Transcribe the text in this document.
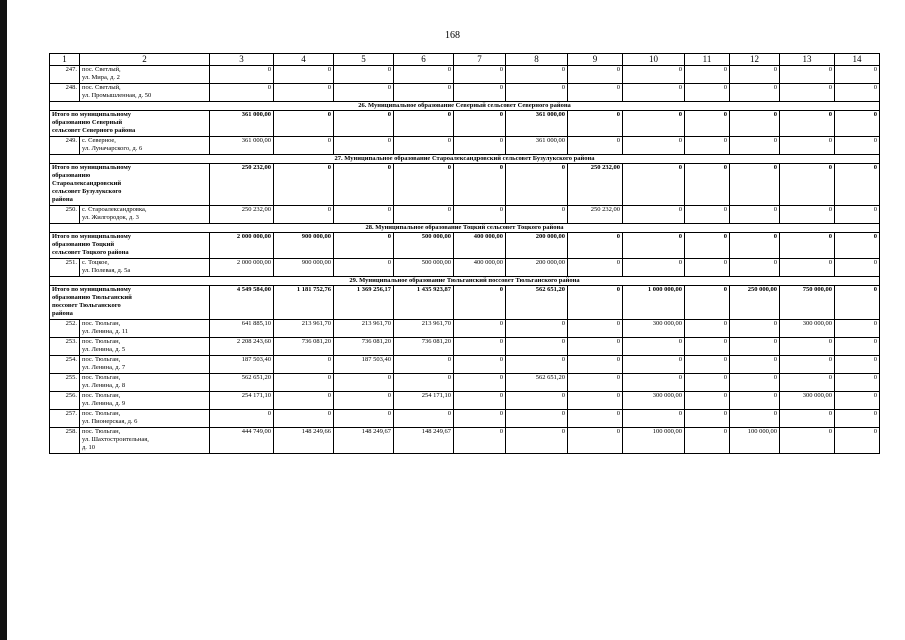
168
1	2	3	4	5	6	7	8	9	10	11	12	13	14
247.	пос. Светлый,
ул. Мира, д. 2	0	0	0	0	0	0	0	0	0	0	0	0
248.	пос. Светлый,
ул. Промышленная, д. 50	0	0	0	0	0	0	0	0	0	0	0	0
26. Муниципальное образование Северный сельсовет Северного района													

Итого по муниципальному
образованию Северный
сельсовет Северного района		361 000,00	0	0	0	0	361 000,00	0	0	0	0	0	0
249.	с. Северное,
ул. Луначарского, д. 6	361 000,00	0	0	0	0	361 000,00	0	0	0	0	0	0
27. Муниципальное образование Староалександровский сельсовет Бузулукского района													

Итого по муниципальному
образованию
Староалександровский
сельсовет Бузулукского
района		250 232,00	0	0	0	0	0	250 232,00	0	0	0	0	0
250.	с. Староалександровка,
ул. Жилгородок, д. 3	250 232,00	0	0	0	0	0	250 232,00	0	0	0	0	0
28. Муниципальное образование Тоцкий сельсовет Тоцкого района													

Итого по муниципальному
образованию Тоцкий
сельсовет Тоцкого района		2 000 000,00	900 000,00	0	500 000,00	400 000,00	200 000,00	0	0	0	0	0	0
251.	с. Тоцкое,
ул. Полевая, д. 5а	2 000 000,00	900 000,00	0	500 000,00	400 000,00	200 000,00	0	0	0	0	0	0
29. Муниципальное образование Тюльганский поссовет Тюльганского района													

Итого по муниципальному
образованию Тюльганский
поссовет Тюльганского
района		4 549 584,00	1 181 752,76	1 369 256,17	1 435 923,87	0	562 651,20	0	1 000 000,00	0	250 000,00	750 000,00	0
252.	пос. Тюльган,
ул. Ленина, д. 11	641 885,10	213 961,70	213 961,70	213 961,70	0	0	0	300 000,00	0	0	300 000,00	0
253.	пос. Тюльган,
ул. Ленина, д. 5	2 208 243,60	736 081,20	736 081,20	736 081,20	0	0	0	0	0	0	0	0
254.	пос. Тюльган,
ул. Ленина, д. 7	187 503,40	0	187 503,40	0	0	0	0	0	0	0	0	0
255.	пос. Тюльган,
ул. Ленина, д. 8	562 651,20	0	0	0	0	562 651,20	0	0	0	0	0	0
256.	пос. Тюльган,
ул. Ленина, д. 9	254 171,10	0	0	254 171,10	0	0	0	300 000,00	0	0	300 000,00	0
257.	пос. Тюльган,
ул. Пионерская, д. 6	0	0	0	0	0	0	0	0	0	0	0	0
258.	пос. Тюльган,
ул. Шахтостроительная,
д. 10	444 749,00	148 249,66	148 249,67	148 249,67	0	0	0	100 000,00	0	100 000,00	0	0
